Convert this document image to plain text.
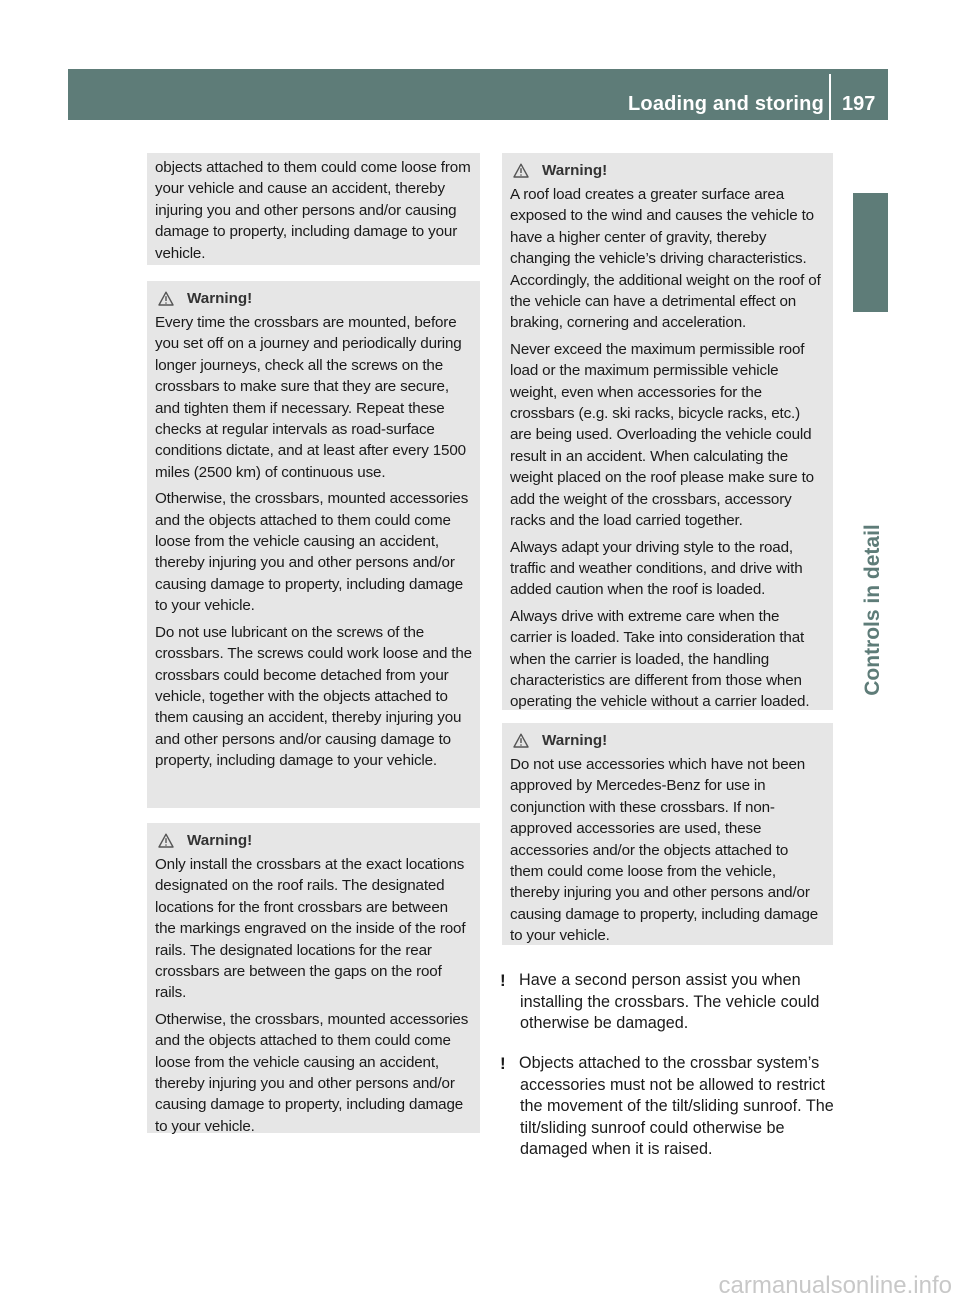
Loading and storing 197
Controls in detail

objects attached to them could come loose from your vehicle and cause an accident, thereby injuring you and other persons and/or causing damage to property, including damage to your vehicle.

Warning!

Every time the crossbars are mounted, before you set off on a journey and periodically during longer journeys, check all the screws on the crossbars to make sure that they are secure, and tighten them if necessary. Repeat these checks at regular intervals as road-surface conditions dictate, and at least after every 1500 miles (2500 km) of continuous use.

Otherwise, the crossbars, mounted accessories and the objects attached to them could come loose from the vehicle causing an accident, thereby injuring you and other persons and/or causing damage to property, including damage to your vehicle.

Do not use lubricant on the screws of the crossbars. The screws could work loose and the crossbars could become detached from your vehicle, together with the objects attached to them causing an accident, thereby injuring you and other persons and/or causing damage to property, including damage to your vehicle.

Warning!

Only install the crossbars at the exact locations designated on the roof rails. The designated locations for the front crossbars are between the markings engraved on the inside of the roof rails. The designated locations for the rear crossbars are between the gaps on the roof rails.

Otherwise, the crossbars, mounted accessories and the objects attached to them could come loose from the vehicle causing an accident, thereby injuring you and other persons and/or causing damage to property, including damage to your vehicle.

Warning!

A roof load creates a greater surface area exposed to the wind and causes the vehicle to have a higher center of gravity, thereby changing the vehicle’s driving characteristics. Accordingly, the additional weight on the roof of the vehicle can have a detrimental effect on braking, cornering and acceleration.

Never exceed the maximum permissible roof load or the maximum permissible vehicle weight, even when accessories for the crossbars (e.g. ski racks, bicycle racks, etc.) are being used. Overloading the vehicle could result in an accident. When calculating the weight placed on the roof please make sure to add the weight of the crossbars, accessory racks and the load carried together.

Always adapt your driving style to the road, traffic and weather conditions, and drive with added caution when the roof is loaded.

Always drive with extreme care when the carrier is loaded. Take into consideration that when the carrier is loaded, the handling characteristics are different from those when operating the vehicle without a carrier loaded.

Warning!

Do not use accessories which have not been approved by Mercedes-Benz for use in conjunction with these crossbars. If non-approved accessories are used, these accessories and/or the objects attached to them could come loose from the vehicle, thereby injuring you and other persons and/or causing damage to property, including damage to your vehicle.

! Have a second person assist you when installing the crossbars. The vehicle could otherwise be damaged.
! Objects attached to the crossbar system’s accessories must not be allowed to restrict the movement of the tilt/sliding sunroof. The tilt/sliding sunroof could otherwise be damaged when it is raised.
carmanualsonline.info
